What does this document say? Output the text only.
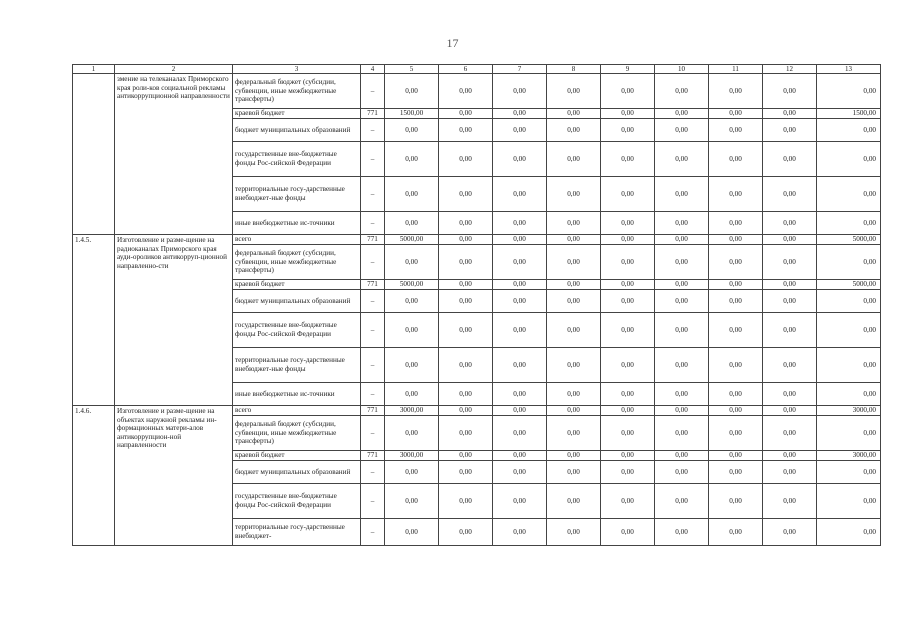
17
1	2	3	4	5	6	7	8	9	10	11	12	13
	змение на телеканалах Приморского края роли-ков социальной рекламы антикоррупционной направленности	федеральный бюджет (субсидии, субвенции, иные межбюджетные трансферты)	–	0,00	0,00	0,00	0,00	0,00	0,00	0,00	0,00	0,00
		краевой бюджет	771	1500,00	0,00	0,00	0,00	0,00	0,00	0,00	0,00	1500,00
		бюджет муниципальных образований	–	0,00	0,00	0,00	0,00	0,00	0,00	0,00	0,00	0,00
		государственные вне-бюджетные фонды Рос-сийской Федерации	–	0,00	0,00	0,00	0,00	0,00	0,00	0,00	0,00	0,00
		территориальные госу-дарственные внебюджет-ные фонды	–	0,00	0,00	0,00	0,00	0,00	0,00	0,00	0,00	0,00
		иные внебюджетные ис-точники	–	0,00	0,00	0,00	0,00	0,00	0,00	0,00	0,00	0,00
1.4.5.	Изготовление и разме-щение на радиоканалах Приморского края ауди-ороликов антикорруп-ционной направленно-сти	всего	771	5000,00	0,00	0,00	0,00	0,00	0,00	0,00	0,00	5000,00
		федеральный бюджет (субсидии, субвенции, иные межбюджетные трансферты)	–	0,00	0,00	0,00	0,00	0,00	0,00	0,00	0,00	0,00
		краевой бюджет	771	5000,00	0,00	0,00	0,00	0,00	0,00	0,00	0,00	5000,00
		бюджет муниципальных образований	–	0,00	0,00	0,00	0,00	0,00	0,00	0,00	0,00	0,00
		государственные вне-бюджетные фонды Рос-сийской Федерации	–	0,00	0,00	0,00	0,00	0,00	0,00	0,00	0,00	0,00
		территориальные госу-дарственные внебюджет-ные фонды	–	0,00	0,00	0,00	0,00	0,00	0,00	0,00	0,00	0,00
		иные внебюджетные ис-точники	–	0,00	0,00	0,00	0,00	0,00	0,00	0,00	0,00	0,00
1.4.6.	Изготовление и разме-щение на объектах наружной рекламы ин-формационных матери-алов антикоррупцион-ной направленности	всего	771	3000,00	0,00	0,00	0,00	0,00	0,00	0,00	0,00	3000,00
		федеральный бюджет (субсидии, субвенции, иные межбюджетные трансферты)	–	0,00	0,00	0,00	0,00	0,00	0,00	0,00	0,00	0,00
		краевой бюджет	771	3000,00	0,00	0,00	0,00	0,00	0,00	0,00	0,00	3000,00
		бюджет муниципальных образований	–	0,00	0,00	0,00	0,00	0,00	0,00	0,00	0,00	0,00
		государственные вне-бюджетные фонды Рос-сийской Федерации	–	0,00	0,00	0,00	0,00	0,00	0,00	0,00	0,00	0,00
		территориальные госу-дарственные внебюджет-	–	0,00	0,00	0,00	0,00	0,00	0,00	0,00	0,00	0,00
